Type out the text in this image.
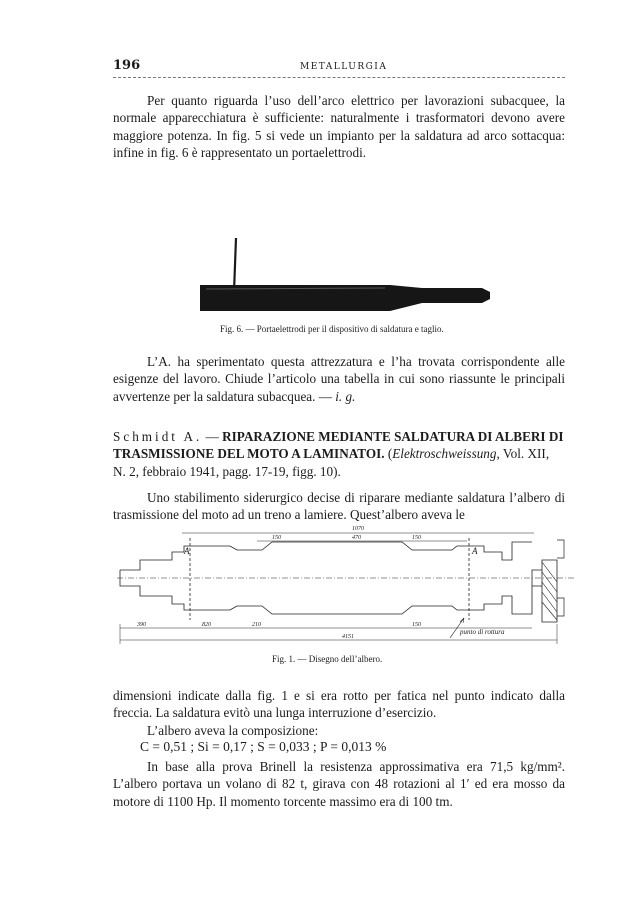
196	METALLURGIA
Per quanto riguarda l’uso dell’arco elettrico per lavorazioni subacquee, la normale apparecchiatura è sufficiente: naturalmente i trasformatori devono avere maggiore potenza. In fig. 5 si vede un impianto per la saldatura ad arco sottacqua: infine in fig. 6 è rappresentato un portaelettrodi.
Fig. 6. — Portaelettrodi per il dispositivo di saldatura e taglio.
L’A. ha sperimentato questa attrezzatura e l’ha trovata corrispondente alle esigenze del lavoro. Chiude l’articolo una tabella in cui sono riassunte le principali avvertenze per la saldatura subacquea. — i. g.
Schmidt A. — RIPARAZIONE MEDIANTE SALDATURA DI ALBERI DI TRASMISSIONE DEL MOTO A LAMINATOI. (Elektroschweissung, Vol. XII, N. 2, febbraio 1941, pagg. 17-19, figg. 10).
Uno stabilimento siderurgico decise di riparare mediante saldatura l’albero di trasmissione del moto ad un treno a lamiere. Quest’albero aveva le
A	A
1070
470	150
150
820
390	210	150
4151
punto di rottura
Fig. 1. — Disegno dell’albero.
dimensioni indicate dalla fig. 1 e si era rotto per fatica nel punto indicato dalla freccia. La saldatura evitò una lunga interruzione d’esercizio.
L’albero aveva la composizione:
C = 0,51 ; Si = 0,17 ; S = 0,033 ; P = 0,013 %
In base alla prova Brinell la resistenza approssimativa era 71,5 kg/mm². L’albero portava un volano di 82 t, girava con 48 rotazioni al 1′ ed era mosso da motore di 1100 Hp. Il momento torcente massimo era di 100 tm.
